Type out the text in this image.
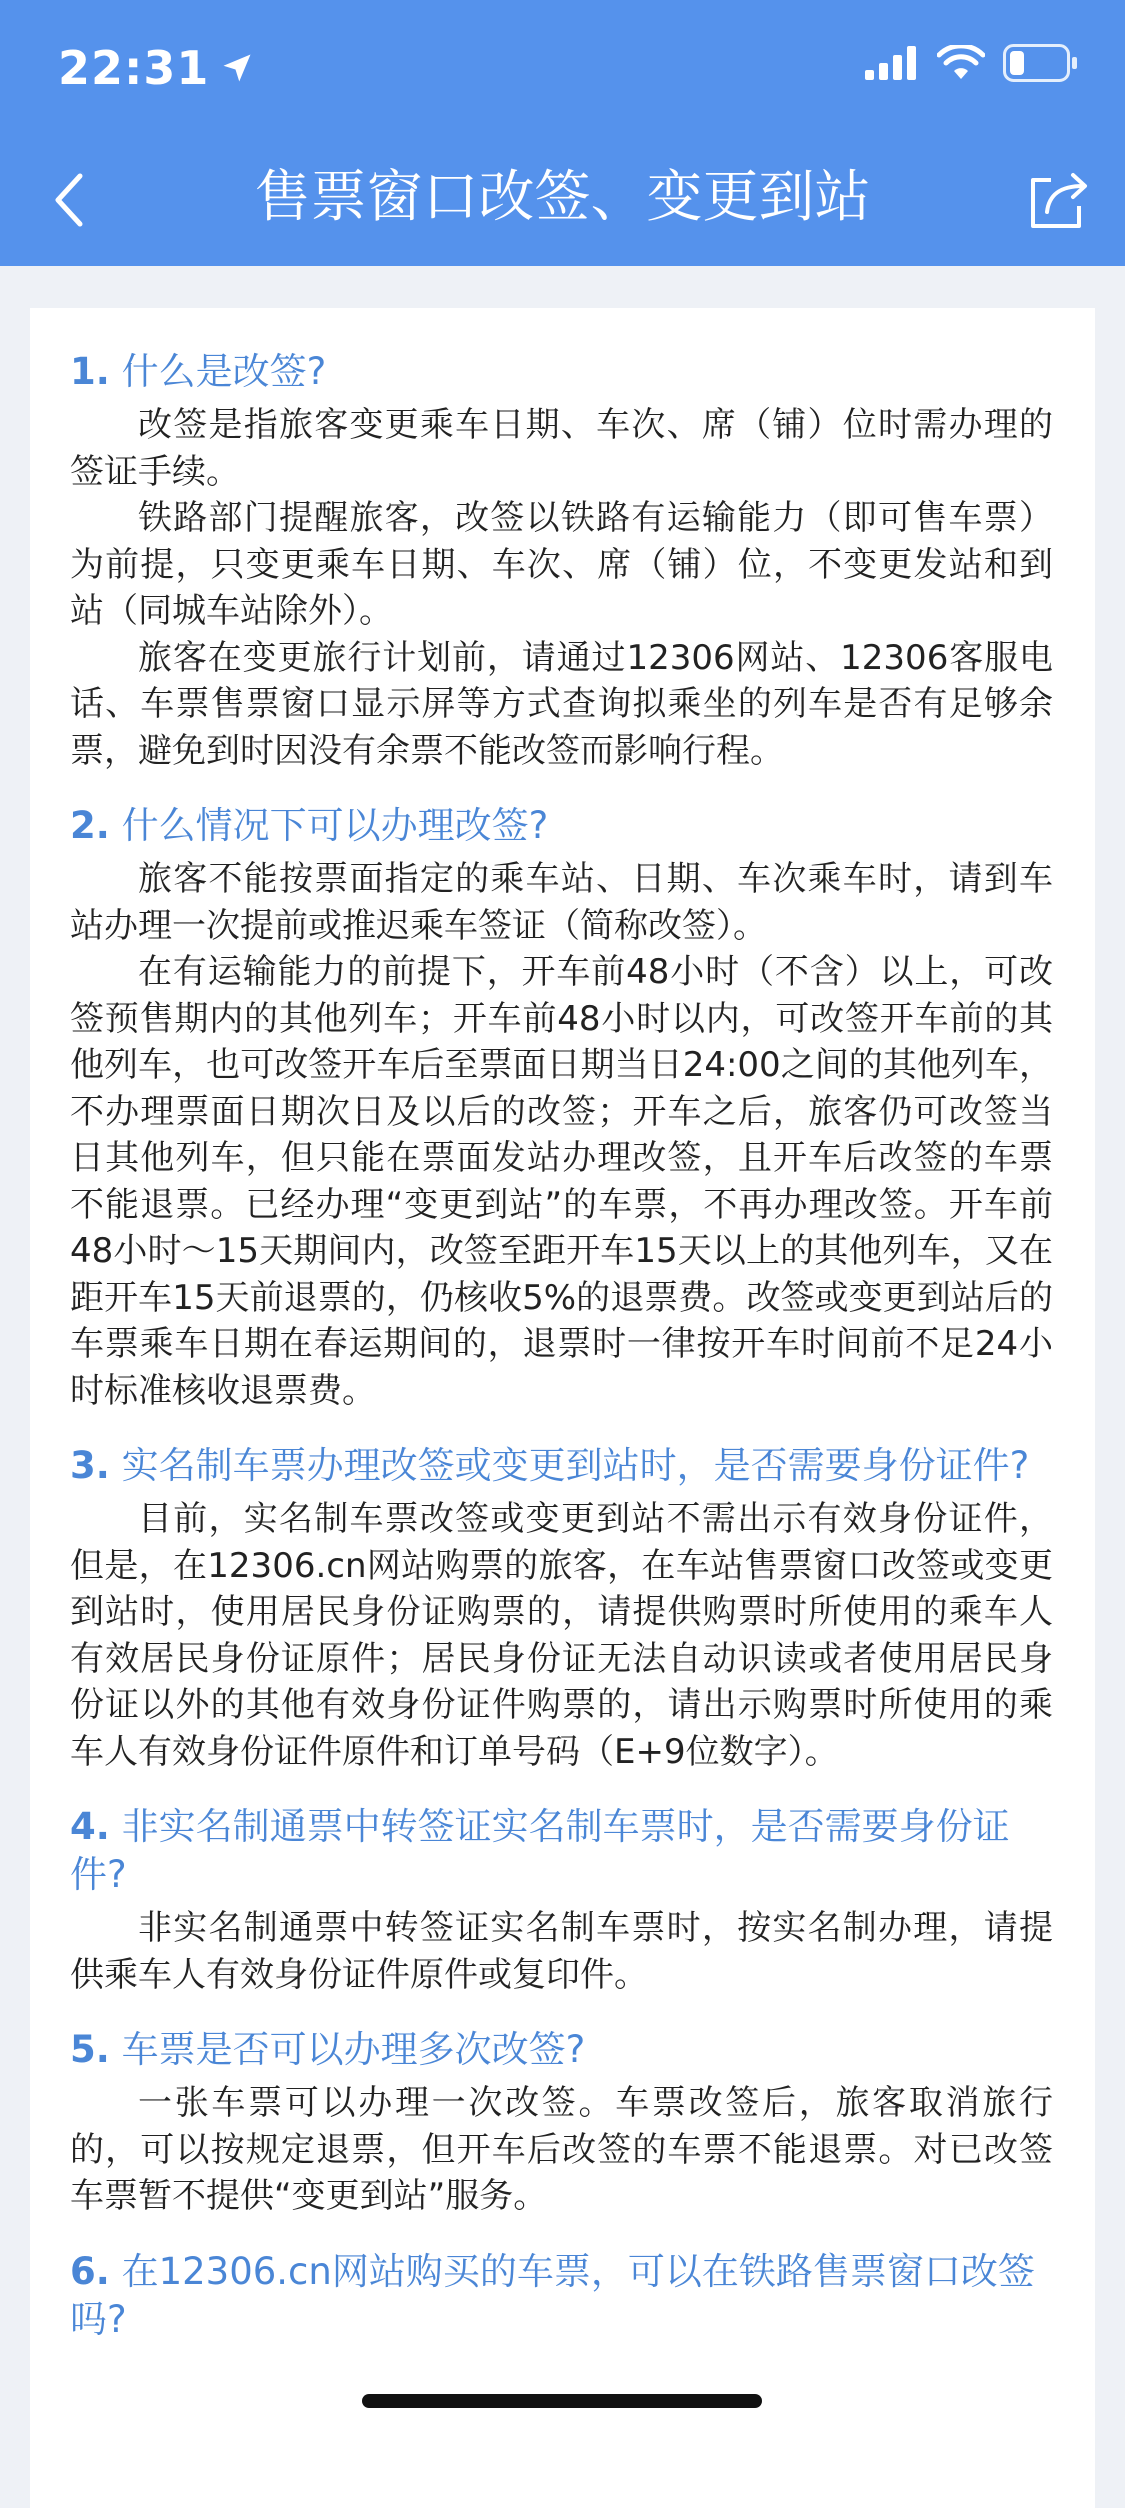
22:31
售票窗口改签、变更到站
1. 什么是改签?

改签是指旅客变更乘车日期、车次、席（铺）位时需办理的签证手续。

铁路部门提醒旅客，改签以铁路有运输能力（即可售车票）为前提，只变更乘车日期、车次、席（铺）位，不变更发站和到站（同城车站除外）。

旅客在变更旅行计划前，请通过12306网站、12306客服电话、车票售票窗口显示屏等方式查询拟乘坐的列车是否有足够余票，避免到时因没有余票不能改签而影响行程。

2. 什么情况下可以办理改签?

旅客不能按票面指定的乘车站、日期、车次乘车时，请到车站办理一次提前或推迟乘车签证（简称改签）。

在有运输能力的前提下，开车前48小时（不含）以上，可改签预售期内的其他列车；开车前48小时以内，可改签开车前的其他列车，也可改签开车后至票面日期当日24:00之间的其他列车，不办理票面日期次日及以后的改签；开车之后，旅客仍可改签当日其他列车，但只能在票面发站办理改签，且开车后改签的车票不能退票。已经办理“变更到站”的车票，不再办理改签。开车前48小时～15天期间内，改签至距开车15天以上的其他列车，又在距开车15天前退票的，仍核收5%的退票费。改签或变更到站后的车票乘车日期在春运期间的，退票时一律按开车时间前不足24小时标准核收退票费。

3. 实名制车票办理改签或变更到站时，是否需要身份证件?

目前，实名制车票改签或变更到站不需出示有效身份证件，但是，在12306.cn网站购票的旅客，在车站售票窗口改签或变更到站时，使用居民身份证购票的，请提供购票时所使用的乘车人有效居民身份证原件；居民身份证无法自动识读或者使用居民身份证以外的其他有效身份证件购票的，请出示购票时所使用的乘车人有效身份证件原件和订单号码（E+9位数字）。

4. 非实名制通票中转签证实名制车票时，是否需要身份证件?

非实名制通票中转签证实名制车票时，按实名制办理，请提供乘车人有效身份证件原件或复印件。

5. 车票是否可以办理多次改签?

一张车票可以办理一次改签。车票改签后，旅客取消旅行的，可以按规定退票，但开车后改签的车票不能退票。对已改签车票暂不提供“变更到站”服务。

6. 在12306.cn网站购买的车票，可以在铁路售票窗口改签吗?
